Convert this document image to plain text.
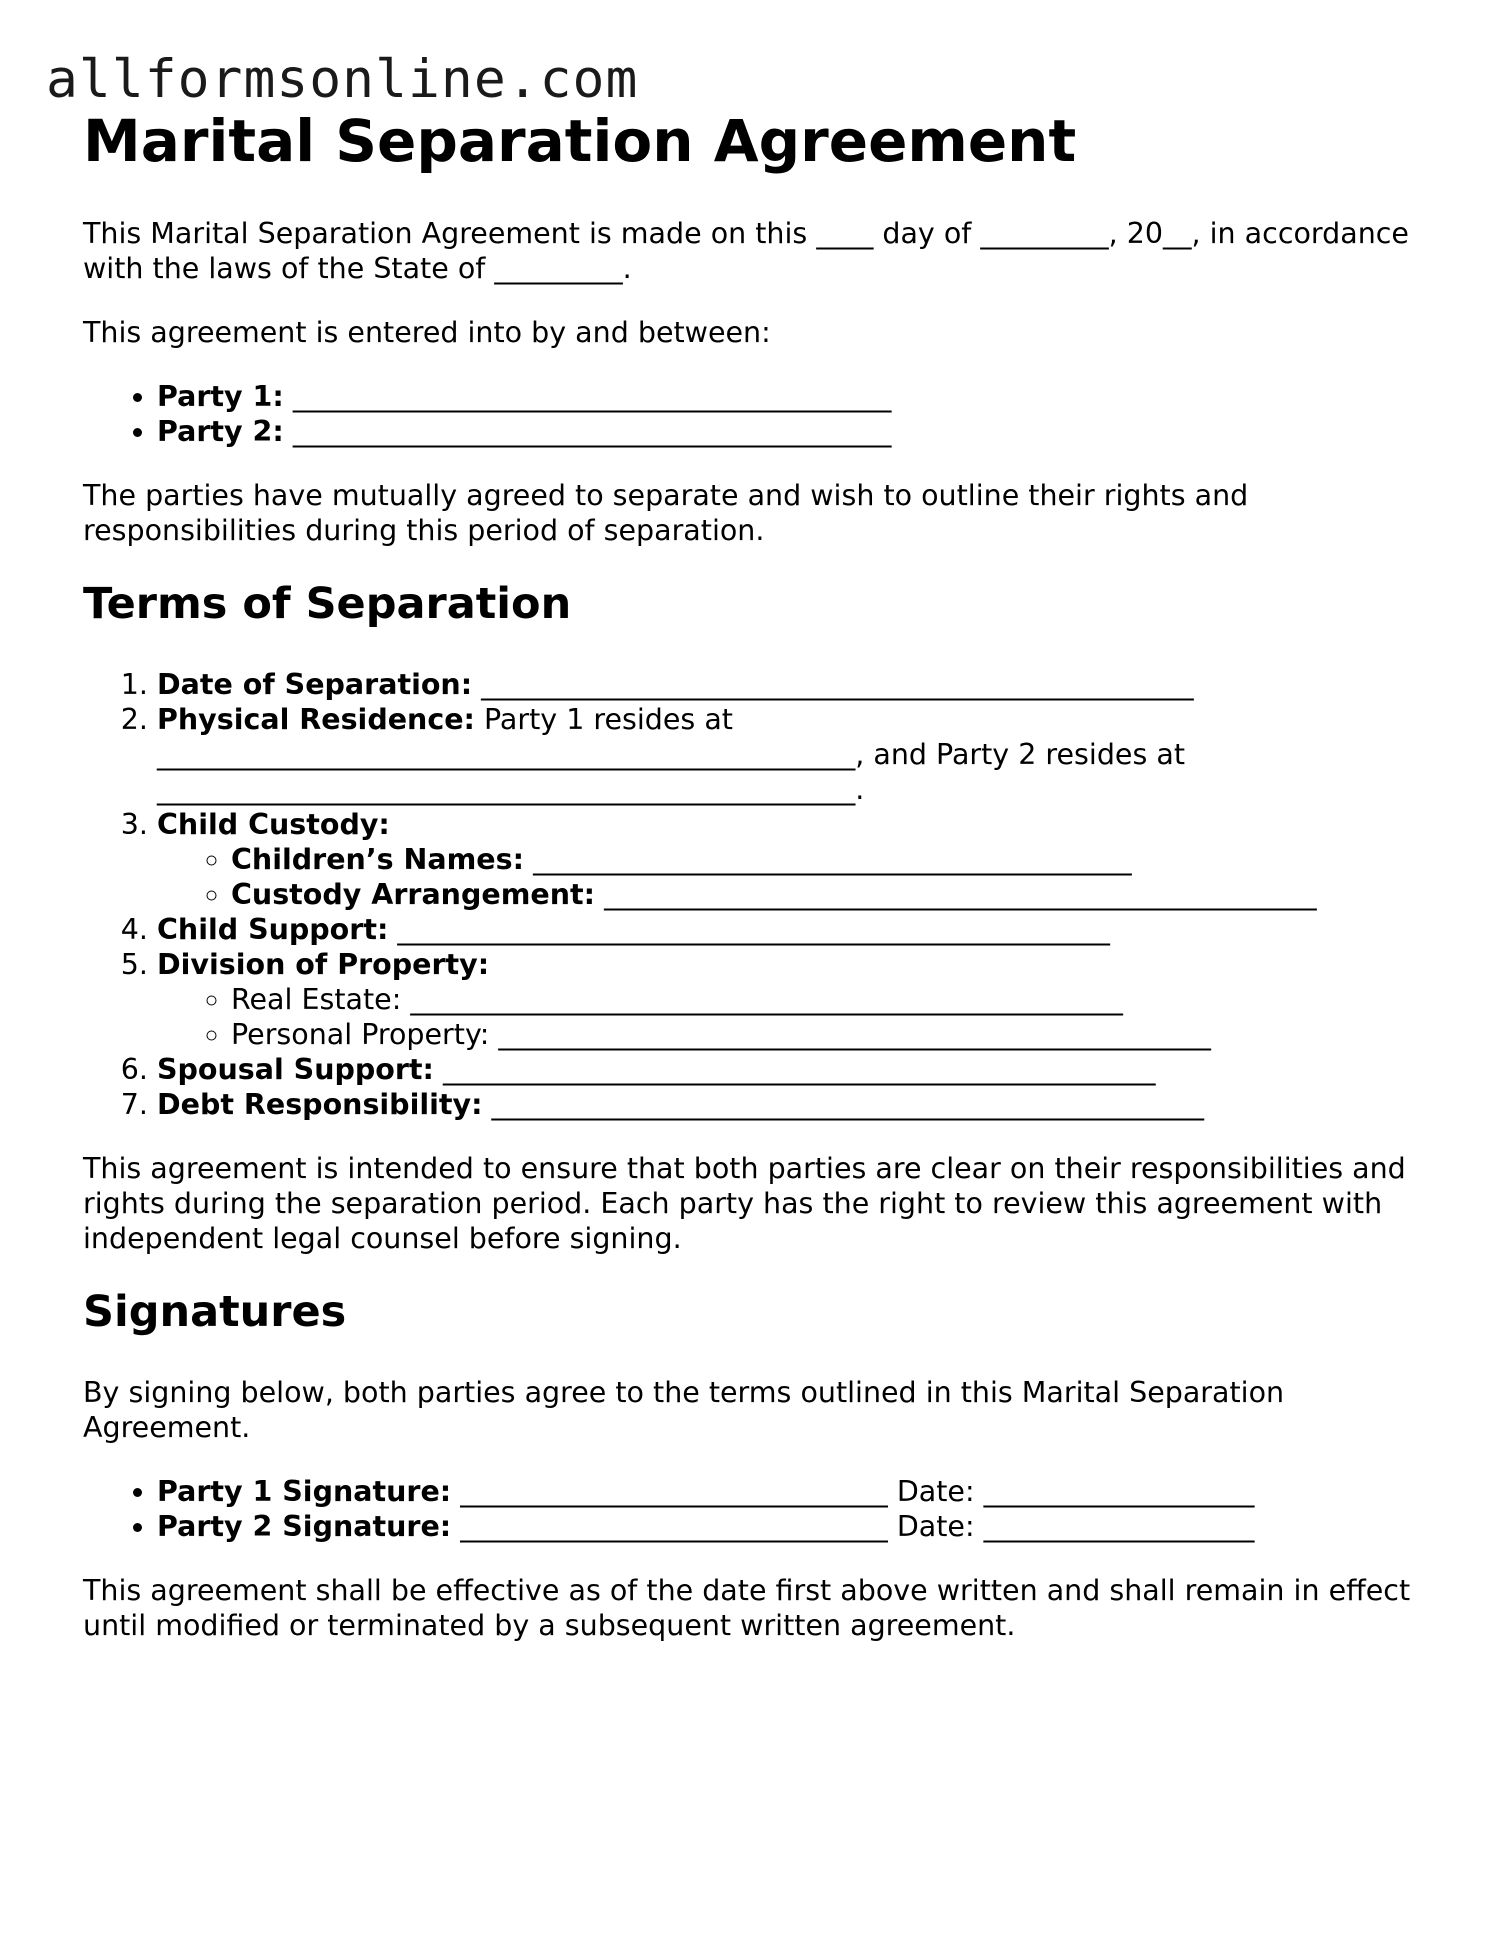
allformsonline.com
Marital Separation Agreement

This Marital Separation Agreement is made on this ____ day of _________, 20__, in accordance with the laws of the State of _________.

This agreement is entered into by and between:

• Party 1: __________________________________________
• Party 2: __________________________________________

The parties have mutually agreed to separate and wish to outline their rights and responsibilities during this period of separation.

Terms of Separation
1. Date of Separation: __________________________________________________
2. Physical Residence: Party 1 resides at _________________________________________________, and Party 2 resides at _________________________________________________.
3. Child Custody:
◦ Children’s Names: __________________________________________
◦ Custody Arrangement: __________________________________________________
4. Child Support: __________________________________________________
5. Division of Property:
◦ Real Estate: __________________________________________________
◦ Personal Property: __________________________________________________
6. Spousal Support: __________________________________________________
7. Debt Responsibility: __________________________________________________

This agreement is intended to ensure that both parties are clear on their responsibilities and rights during the separation period. Each party has the right to review this agreement with independent legal counsel before signing.

Signatures

By signing below, both parties agree to the terms outlined in this Marital Separation Agreement.

• Party 1 Signature: ______________________________ Date: ___________________
• Party 2 Signature: ______________________________ Date: ___________________

This agreement shall be effective as of the date first above written and shall remain in effect until modified or terminated by a subsequent written agreement.
